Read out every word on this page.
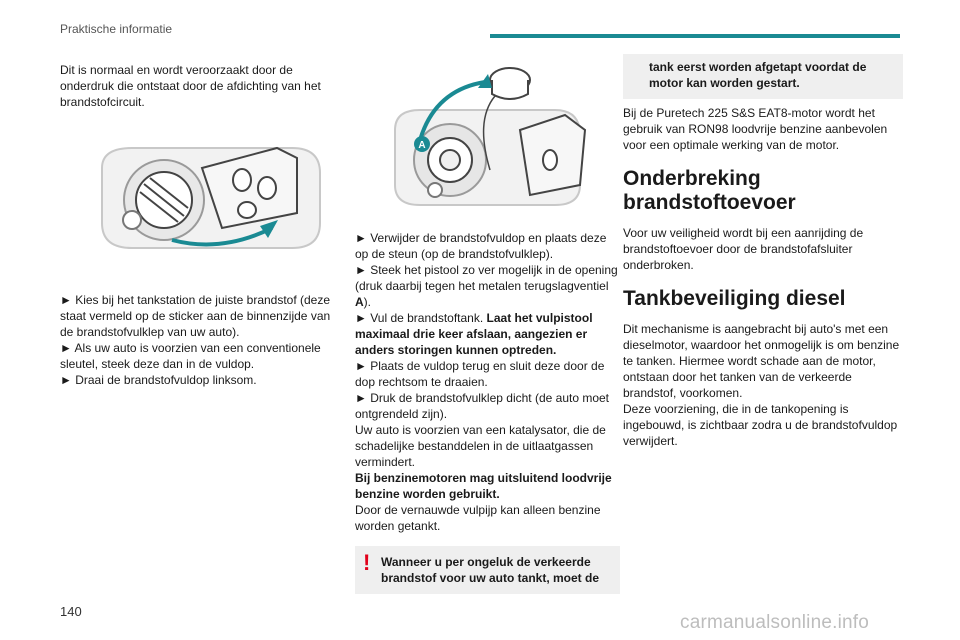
Praktische informatie

Dit is normaal en wordt veroorzaakt door de onderdruk die ontstaat door de afdichting van het brandstofcircuit.

► Kies bij het tankstation de juiste brandstof (deze staat vermeld op de sticker aan de binnenzijde van de brandstofvulklep van uw auto).

► Als uw auto is voorzien van een conventionele sleutel, steek deze dan in de vuldop.

► Draai de brandstofvuldop linksom.

A

► Verwijder de brandstofvuldop en plaats deze op de steun (op de brandstofvulklep).

► Steek het pistool zo ver mogelijk in de opening (druk daarbij tegen het metalen terugslagventiel A).

► Vul de brandstoftank. Laat het vulpistool maximaal drie keer afslaan, aangezien er anders storingen kunnen optreden.

► Plaats de vuldop terug en sluit deze door de dop rechtsom te draaien.

► Druk de brandstofvulklep dicht (de auto moet ontgrendeld zijn).

Uw auto is voorzien van een katalysator, die de schadelijke bestanddelen in de uitlaatgassen vermindert.

Bij benzinemotoren mag uitsluitend loodvrije benzine worden gebruikt.

Door de vernauwde vulpijp kan alleen benzine worden getankt.

! Wanneer u per ongeluk de verkeerde brandstof voor uw auto tankt, moet de
tank eerst worden afgetapt voordat de motor kan worden gestart.

Bij de Puretech 225 S&S EAT8-motor wordt het gebruik van RON98 loodvrije benzine aanbevolen voor een optimale werking van de motor.

Onderbreking brandstoftoevoer

Voor uw veiligheid wordt bij een aanrijding de brandstoftoevoer door de brandstofafsluiter onderbroken.

Tankbeveiliging diesel

Dit mechanisme is aangebracht bij auto's met een dieselmotor, waardoor het onmogelijk is om benzine te tanken. Hiermee wordt schade aan de motor, ontstaan door het tanken van de verkeerde brandstof, voorkomen.

Deze voorziening, die in de tankopening is ingebouwd, is zichtbaar zodra u de brandstofvuldop verwijdert.

140
carmanualsonline.info
